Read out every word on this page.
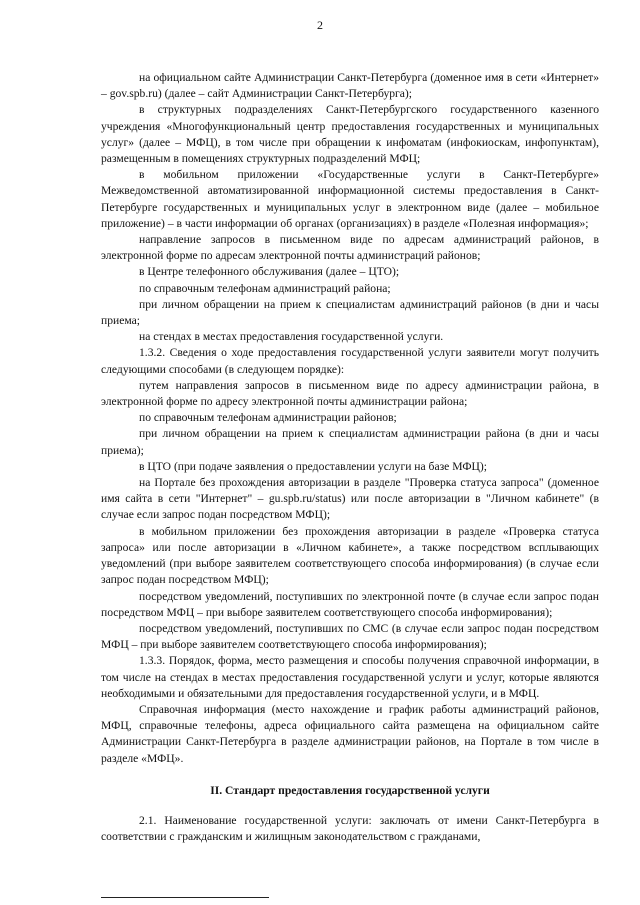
2

на официальном сайте Администрации Санкт-Петербурга (доменное имя в сети «Интернет» – gov.spb.ru) (далее – сайт Администрации Санкт-Петербурга);

в структурных подразделениях Санкт-Петербургского государственного казенного учреждения «Многофункциональный центр предоставления государственных и муниципальных услуг» (далее – МФЦ), в том числе при обращении к инфоматам (инфокиоскам, инфопунктам), размещенным в помещениях структурных подразделений МФЦ;

в мобильном приложении «Государственные услуги в Санкт-Петербурге» Межведомственной автоматизированной информационной системы предоставления в Санкт-Петербурге государственных и муниципальных услуг в электронном виде (далее – мобильное приложение) – в части информации об органах (организациях) в разделе «Полезная информация»;

направление запросов в письменном виде по адресам администраций районов, в электронной форме по адресам электронной почты администраций районов;

в Центре телефонного обслуживания (далее – ЦТО);

по справочным телефонам администраций района;

при личном обращении на прием к специалистам администраций районов (в дни и часы приема;

на стендах в местах предоставления государственной услуги.

1.3.2. Сведения о ходе предоставления государственной услуги заявители могут получить следующими способами (в следующем порядке):

путем направления запросов в письменном виде по адресу администрации района, в электронной форме по адресу электронной почты администрации района;

по справочным телефонам администрации районов;

при личном обращении на прием к специалистам администрации района (в дни и часы приема);

в ЦТО (при подаче заявления о предоставлении услуги на базе МФЦ);

на Портале без прохождения авторизации в разделе "Проверка статуса запроса" (доменное имя сайта в сети "Интернет" – gu.spb.ru/status) или после авторизации в "Личном кабинете" (в случае если запрос подан посредством МФЦ);

в мобильном приложении без прохождения авторизации в разделе «Проверка статуса запроса» или после авторизации в «Личном кабинете», а также посредством всплывающих уведомлений (при выборе заявителем соответствующего способа информирования) (в случае если запрос подан посредством МФЦ);

посредством уведомлений, поступивших по электронной почте (в случае если запрос подан посредством МФЦ – при выборе заявителем соответствующего способа информирования);

посредством уведомлений, поступивших по СМС (в случае если запрос подан посредством МФЦ – при выборе заявителем соответствующего способа информирования);

1.3.3. Порядок, форма, место размещения и способы получения справочной информации, в том числе на стендах в местах предоставления государственной услуги и услуг, которые являются необходимыми и обязательными для предоставления государственной услуги, и в МФЦ.

Справочная информация (место нахождение и график работы администраций районов, МФЦ, справочные телефоны, адреса официального сайта размещена на официальном сайте Администрации Санкт-Петербурга в разделе администрации районов, на Портале в том числе в разделе «МФЦ».

II. Стандарт предоставления государственной услуги

2.1. Наименование государственной услуги: заключать от имени Санкт-Петербурга в соответствии с гражданским и жилищным законодательством с гражданами,
